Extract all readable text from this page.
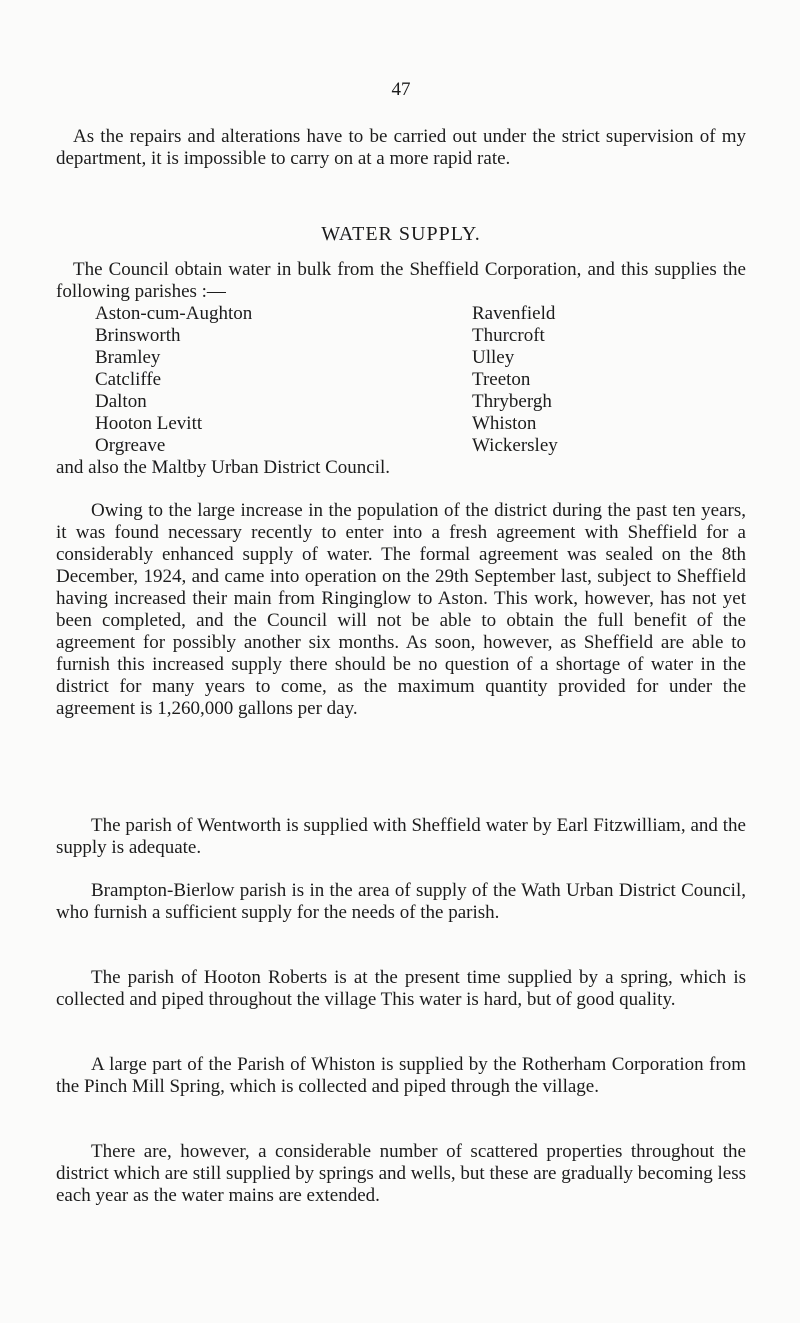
47

As the repairs and alterations have to be carried out under the strict supervision of my department, it is impossible to carry on at a more rapid rate.

WATER SUPPLY.

The Council obtain water in bulk from the Sheffield Corporation, and this supplies the following parishes :—

Aston-cum-Aughton
Brinsworth
Bramley
Catcliffe
Dalton
Hooton Levitt
Orgreave
Ravenfield
Thurcroft
Ulley
Treeton
Thrybergh
Whiston
Wickersley

and also the Maltby Urban District Council.

Owing to the large increase in the population of the district during the past ten years, it was found necessary recently to enter into a fresh agreement with Sheffield for a considerably enhanced supply of water. The formal agreement was sealed on the 8th December, 1924, and came into operation on the 29th September last, subject to Sheffield having increased their main from Ringinglow to Aston. This work, however, has not yet been completed, and the Council will not be able to obtain the full benefit of the agreement for possibly another six months. As soon, however, as Sheffield are able to furnish this increased supply there should be no question of a shortage of water in the district for many years to come, as the maximum quantity provided for under the agreement is 1,260,000 gallons per day.

The parish of Wentworth is supplied with Sheffield water by Earl Fitzwilliam, and the supply is adequate.

Brampton-Bierlow parish is in the area of supply of the Wath Urban District Council, who furnish a sufficient supply for the needs of the parish.

The parish of Hooton Roberts is at the present time supplied by a spring, which is collected and piped throughout the village This water is hard, but of good quality.

A large part of the Parish of Whiston is supplied by the Rotherham Corporation from the Pinch Mill Spring, which is collected and piped through the village.

There are, however, a considerable number of scattered properties throughout the district which are still supplied by springs and wells, but these are gradually becoming less each year as the water mains are extended.
